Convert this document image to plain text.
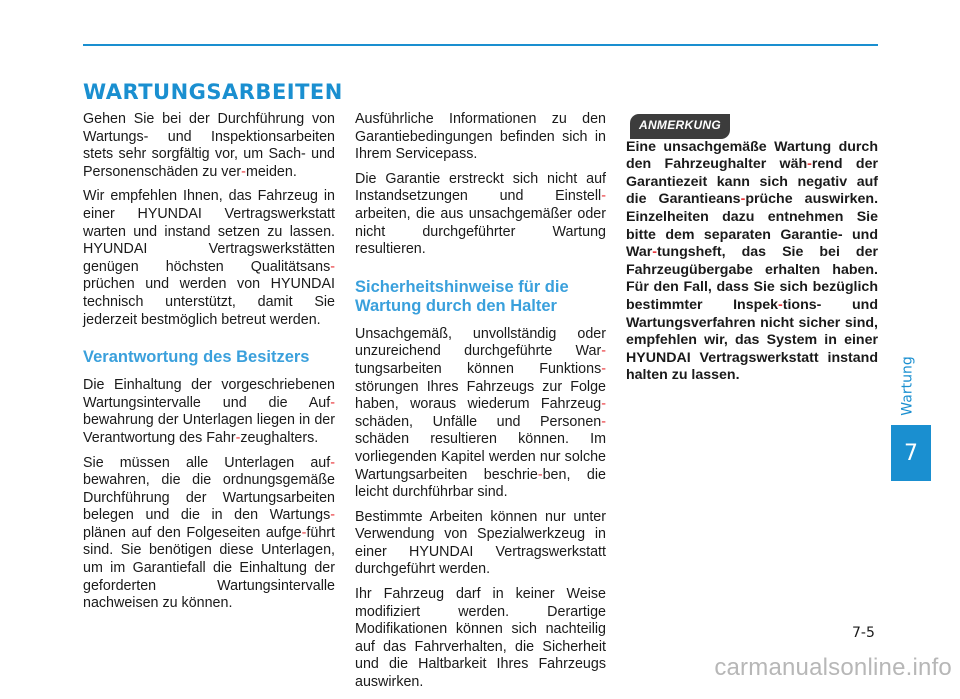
WARTUNGSARBEITEN

Gehen Sie bei der Durchführung von Wartungs- und Inspektionsarbeiten stets sehr sorgfältig vor, um Sach- und Personenschäden zu ver-meiden.

Wir empfehlen Ihnen, das Fahrzeug in einer HYUNDAI Vertragswerkstatt warten und instand setzen zu lassen. HYUNDAI Vertragswerkstätten genügen höchsten Qualitätsans-prüchen und werden von HYUNDAI technisch unterstützt, damit Sie jederzeit bestmöglich betreut werden.

Verantwortung des Besitzers

Die Einhaltung der vorgeschriebenen Wartungsintervalle und die Auf-bewahrung der Unterlagen liegen in der Verantwortung des Fahr-zeughalters.

Sie müssen alle Unterlagen auf-bewahren, die die ordnungsgemäße Durchführung der Wartungsarbeiten belegen und die in den Wartungs-plänen auf den Folgeseiten aufge-führt sind. Sie benötigen diese Unterlagen, um im Garantiefall die Einhaltung der geforderten Wartungsintervalle nachweisen zu können.

Ausführliche Informationen zu den Garantiebedingungen befinden sich in Ihrem Servicepass.

Die Garantie erstreckt sich nicht auf Instandsetzungen und Einstell-arbeiten, die aus unsachgemäßer oder nicht durchgeführter Wartung resultieren.

Sicherheitshinweise für die Wartung durch den Halter

Unsachgemäß, unvollständig oder unzureichend durchgeführte War-tungsarbeiten können Funktions-störungen Ihres Fahrzeugs zur Folge haben, woraus wiederum Fahrzeug-schäden, Unfälle und Personen-schäden resultieren können. Im vorliegenden Kapitel werden nur solche Wartungsarbeiten beschrie-ben, die leicht durchführbar sind.

Bestimmte Arbeiten können nur unter Verwendung von Spezialwerkzeug in einer HYUNDAI Vertragswerkstatt durchgeführt werden.

Ihr Fahrzeug darf in keiner Weise modifiziert werden. Derartige Modifikationen können sich nachteilig auf das Fahrverhalten, die Sicherheit und die Haltbarkeit Ihres Fahrzeugs auswirken.

ANMERKUNG

Eine unsachgemäße Wartung durch den Fahrzeughalter wäh-rend der Garantiezeit kann sich negativ auf die Garantieans-prüche auswirken. Einzelheiten dazu entnehmen Sie bitte dem separaten Garantie- und War-tungsheft, das Sie bei der Fahrzeugübergabe erhalten haben. Für den Fall, dass Sie sich bezüglich bestimmter Inspek-tions- und Wartungsverfahren nicht sicher sind, empfehlen wir, das System in einer HYUNDAI Vertragswerkstatt instand halten zu lassen.	Wartung
7
7-5
carmanualsonline.info
